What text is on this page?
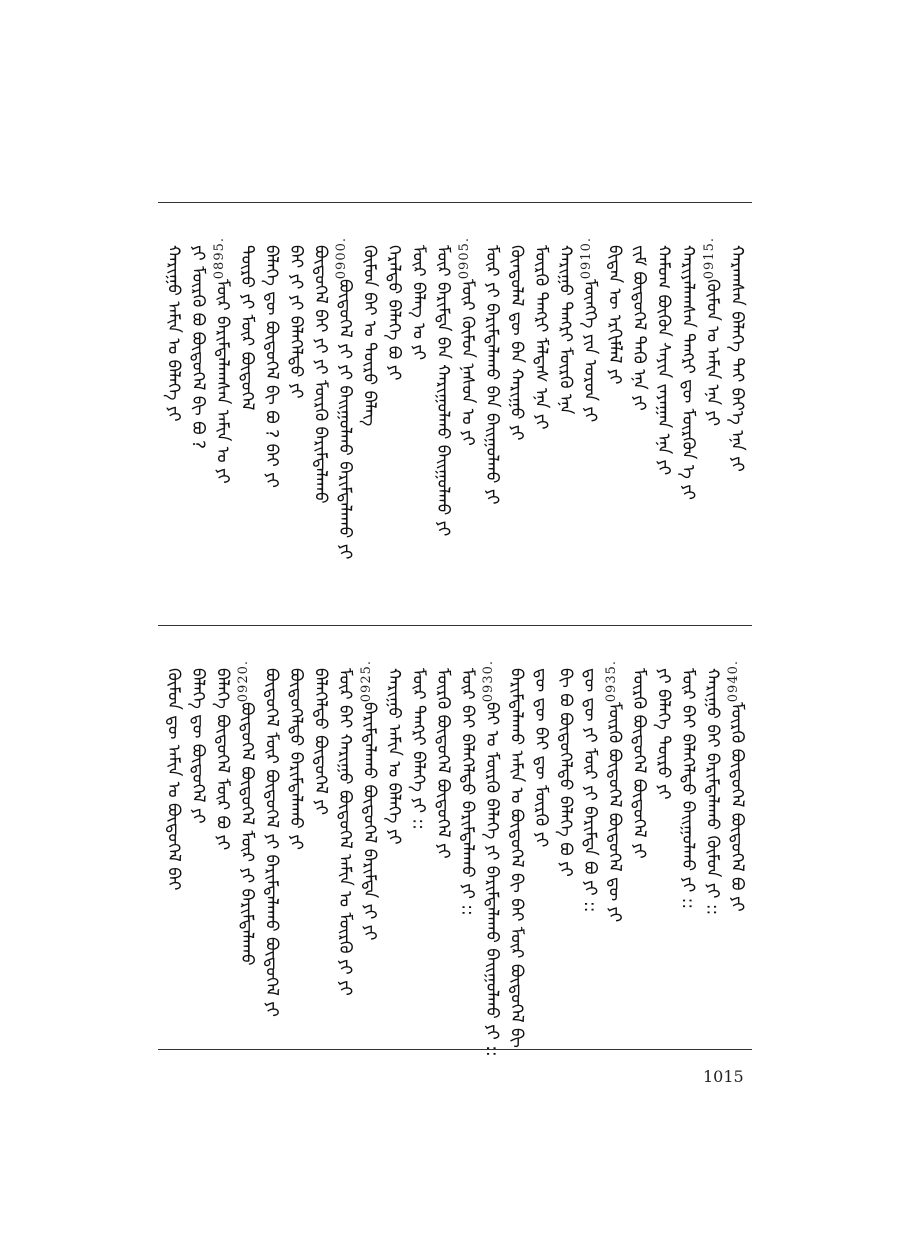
ᠬᠠᠷᠠᠭᠰᠠᠨ ᠪᠡᠯᠡᠭᠡ ᠲᠠᠢ ᠪᠡᠶ᠎ᠡ ᠡᠨᠡ ᠶᠢ
0915.
ᠬᠦᠮᠦᠨ ᠤ ᠠᠮᠢᠨ ᠡᠨᠡ ᠶᠢ
ᠬᠠᠷᠢᠶᠠᠯᠠᠭᠰᠠᠨ ᠲᠡᠩᠷᠢ ᠳᠦ ᠮᠥᠷᠭᠦᠨ ᠡ ᠶᠢ
ᠬᠠᠮᠤᠭ ᠪᠦᠬᠦᠨ ᠰᠠᠶᠢᠨ ᠵᠠᠶᠠᠭᠠᠨ ᠡᠨᠡ ᠶᠢ
ᠵᠢᠮ ᠪᠦᠲᠦᠭᠡᠯ ᠲᠡᠬᠦ ᠡᠨᠡ ᠶᠢ
ᠪᠢᠳᠡᠨ ᠦ ᠡᠷᠬᠢᠮᠯᠡᠯ ᠶᠢ
0910.
ᠮᠥᠩᠬᠡ ᠶᠢᠨ ᠣᠷᠤᠨ ᠶᠢ
ᠬᠠᠷᠢᠭᠤ ᠲᠡᠩᠷᠢ ᠮᠥᠷᠭᠦ ᠡᠨᠡ
ᠮᠥᠷᠭᠦ ᠲᠡᠩᠷᠢ ᠮᠠᠯᠲᠠᠰ ᠡᠨᠡ ᠶᠢ
ᠬᠦᠨᠳᠦᠯᠡᠯ ᠳᠦ ᠪᠡᠨ ᠬᠠᠷᠢᠭᠤ ᠶᠢ
ᠮᠥᠷ ᠶᠢ ᠪᠠᠷᠢᠮᠲᠠᠯᠠᠬᠤ ᠪᠡᠨ ᠪᠠᠢᠭᠤᠯᠬᠤ ᠶᠢ
0905.
ᠮᠥᠷ ᠬᠦᠮᠦᠨ ᠨᠠᠰᠤᠨ ᠤ ᠶᠢ
ᠮᠥᠷ ᠪᠠᠷᠢᠮᠲᠠ ᠪᠡᠨ ᠬᠠᠷᠢᠭᠤᠯᠬᠤ ᠪᠠᠢᠭᠤᠯᠬᠤ ᠶᠢ
ᠮᠥᠷ ᠪᠡᠯᠡᠭ ᠤ ᠶᠢ
ᠭᠡᠷᠡᠯᠲᠦ ᠪᠡᠯᠡᠭᠡ ᠪᠣ ᠶᠢ
ᠬᠦᠮᠦᠨ ᠪᠠᠢ ᠤ ᠲᠥᠷᠦ ᠪᠡᠯᠡᠭ
0900.
ᠪᠦᠲᠦᠭᠡᠯ ᠶᠢ ᠶᠢ ᠪᠠᠢᠭᠤᠯᠬᠤ ᠪᠠᠷᠢᠮᠲᠠᠯᠠᠬᠤ ᠶᠢ
ᠪᠦᠲᠦᠭᠡᠯ ᠪᠠᠢ ᠶᠢ ᠶᠢ ᠮᠥᠷᠭᠦ ᠪᠠᠷᠢᠮᠲᠠᠯᠠᠬᠤ
ᠪᠠᠢ ᠶᠢ ᠶᠢ ᠪᠡᠯᠡᠭᠡᠯᠲᠦ ᠶᠢ
ᠪᠡᠯᠡᠭᠡ ᠳᠦ ᠪᠦᠲᠦᠭᠡᠯ ᠪᠢ ᠪᠣ ? ᠪᠠᠢ ᠶᠢ
ᠲᠥᠷᠦ ᠶᠢ ᠮᠥᠷ ᠪᠦᠲᠦᠭᠡᠯ
0895.
ᠮᠥᠷ ᠪᠠᠷᠢᠮᠲᠠᠯᠠᠭᠰᠠᠨ ᠠᠮᠢᠨ ᠤ ᠶᠢ
ᠶᠢ ᠮᠥᠷᠭᠦ ᠪᠣ ᠪᠦᠲᠦᠭᠡᠯ ᠪᠢ ᠪᠣ ?
ᠬᠠᠷᠢᠭᠤ ᠠᠮᠢᠨ ᠤ ᠪᠡᠯᠡᠭᠡ ᠶᠢ
0940.
ᠮᠥᠷᠭᠦ ᠪᠦᠲᠦᠭᠡᠯ ᠪᠦᠲᠦᠭᠡᠯ ᠪᠣ ᠶᠢ
ᠬᠠᠷᠢᠭᠤ ᠪᠠᠢ ᠪᠠᠷᠢᠮᠲᠠᠯᠠᠬᠤ ᠬᠦᠮᠦᠨ ᠶᠢ ::
ᠮᠥᠷ ᠪᠠᠢ ᠪᠡᠯᠡᠭᠡᠯᠲᠦ ᠪᠠᠢᠭᠤᠯᠬᠤ ᠶᠢ ::
ᠶᠢ ᠪᠡᠯᠡᠭᠡ ᠲᠥᠷᠦ ᠶᠢ
ᠮᠥᠷᠭᠦ ᠪᠦᠲᠦᠭᠡᠯ ᠪᠦᠲᠦᠭᠡᠯ ᠶᠢ
0935.
ᠮᠥᠷᠭᠦ ᠪᠦᠲᠦᠭᠡᠯ ᠪᠦᠲᠦᠭᠡᠯ ᠳᠦ ᠶᠢ
ᠳᠦ ᠳᠦ ᠶᠢ ᠮᠥᠷ ᠶᠢ ᠪᠠᠷᠢᠮᠲᠠ ᠪᠣ ᠶᠢ ::
ᠪᠢ ᠪᠣ ᠪᠦᠲᠦᠭᠡᠯᠲᠦ ᠪᠡᠯᠡᠭᠡ ᠪᠣ ᠶᠢ
ᠳᠦ ᠳᠦ ᠪᠠᠢ ᠳᠦ ᠮᠥᠷᠭᠦ ᠶᠢ
ᠪᠠᠷᠢᠮᠲᠠᠯᠠᠬᠤ ᠠᠮᠢᠨ ᠤ ᠪᠦᠲᠦᠭᠡᠯ ᠪᠢ ᠪᠠᠢ ᠮᠥᠷ ᠪᠦᠲᠦᠭᠡᠯ ᠪᠢ
0930.
ᠪᠠᠢ ᠤ ᠮᠥᠷᠭᠦ ᠪᠡᠯᠡᠭᠡ ᠶᠢ ᠪᠠᠷᠢᠮᠲᠠᠯᠠᠬᠤ ᠪᠠᠢᠭᠤᠯᠬᠤ ᠶᠢ ::
ᠮᠥᠷ ᠪᠠᠢ ᠪᠡᠯᠡᠭᠡᠯᠲᠦ ᠪᠠᠷᠢᠮᠲᠠᠯᠠᠬᠤ ᠶᠢ ::
ᠮᠥᠷᠭᠦ ᠪᠦᠲᠦᠭᠡᠯ ᠪᠦᠲᠦᠭᠡᠯ ᠶᠢ
ᠮᠥᠷ ᠲᠡᠩᠷᠢ ᠪᠡᠯᠡᠭᠡ ᠶᠢ ::
ᠬᠠᠷᠢᠭᠤ ᠠᠮᠢᠨ ᠤ ᠪᠡᠯᠡᠭᠡ ᠶᠢ
0925.
ᠪᠠᠷᠢᠮᠲᠠᠯᠠᠬᠤ ᠪᠦᠲᠦᠭᠡᠯ ᠪᠠᠷᠢᠮᠲᠠ ᠶᠢ ᠶᠢ
ᠮᠥᠷ ᠪᠠᠢ ᠬᠠᠷᠢᠭᠤ ᠪᠦᠲᠦᠭᠡᠯ ᠠᠮᠢᠨ ᠤ ᠮᠥᠷᠭᠦ ᠶᠢ ᠶᠢ
ᠪᠡᠯᠡᠭᠡᠯᠲᠦ ᠪᠦᠲᠦᠭᠡᠯ ᠶᠢ
ᠪᠦᠲᠦᠭᠡᠯᠲᠦ ᠪᠠᠷᠢᠮᠲᠠᠯᠠᠬᠤ ᠶᠢ
ᠪᠦᠲᠦᠭᠡᠯ ᠮᠥᠷ ᠪᠦᠲᠦᠭᠡᠯ ᠶᠢ ᠪᠠᠷᠢᠮᠲᠠᠯᠠᠬᠤ ᠪᠦᠲᠦᠭᠡᠯ ᠶᠢ
0920.
ᠪᠦᠲᠦᠭᠡᠯ ᠪᠦᠲᠦᠭᠡᠯ ᠮᠥᠷ ᠶᠢ ᠪᠠᠷᠢᠮᠲᠠᠯᠠᠬᠤ
ᠪᠡᠯᠡᠭᠡ ᠪᠦᠲᠦᠭᠡᠯ ᠮᠥᠷ ᠪᠣ ᠶᠢ
ᠪᠡᠯᠡᠭᠡ ᠳᠦ ᠪᠦᠲᠦᠭᠡᠯ ᠶᠢ
ᠬᠦᠮᠦᠨ ᠳᠦ ᠠᠮᠢᠨ ᠤ ᠪᠦᠲᠦᠭᠡᠯ ᠪᠠᠢ
1015
